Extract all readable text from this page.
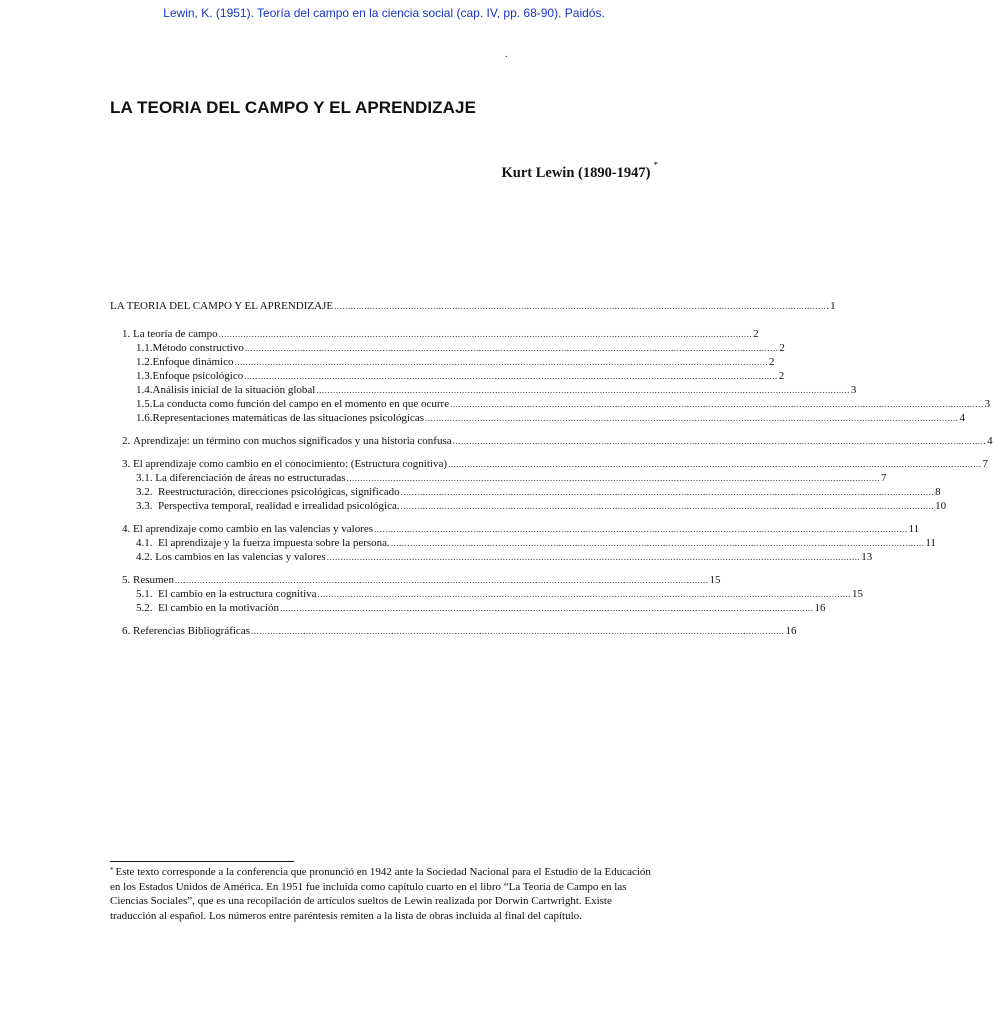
Lewin, K. (1951). Teoría del campo en la ciencia social (cap. IV, pp. 68-90). Paidós.
.
LA TEORIA DEL CAMPO Y EL APRENDIZAJE
Kurt Lewin (1890-1947) *
LA TEORIA DEL CAMPO Y EL APRENDIZAJE .................................................................................................................................................................................... 1
1.
La teoría de campo .................................................................................................................................................................................................. 2
1.1. Método constructivo .................................................................................................................................................................................................. 2
1.2. Enfoque dinámico .................................................................................................................................................................................................. 2
1.3. Enfoque psicológico .................................................................................................................................................................................................. 2
1.4. Análisis inicial de la situación global .................................................................................................................................................................................................. 3
1.5. La conducta como función del campo en el momento en que ocurre .................................................................................................................................................................................................. 3
1.6. Representaciones matemáticas de las situaciones psicológicas .................................................................................................................................................................................................. 4
2.
Aprendizaje: un término con muchos significados y una historia confusa .................................................................................................................................................................................................. 4
3.
El aprendizaje como cambio en el conocimiento: (Estructura cognitiva) .................................................................................................................................................................................................. 7
3.1.
La diferenciación de áreas no estructuradas .................................................................................................................................................................................................. 7
3.2.
Reestructuración, direcciones psicológicas, significado .................................................................................................................................................................................................. 8
3.3.
Perspectiva temporal, realidad e irrealidad psicológica. .................................................................................................................................................................................................. 10
4.
El aprendizaje como cambio en las valencias y valores .................................................................................................................................................................................................. 11
4.1.
El aprendizaje y la fuerza impuesta sobre la persona. .................................................................................................................................................................................................. 11
4.2.
Los cambios en las valencias y valores .................................................................................................................................................................................................. 13
5.
Resumen .................................................................................................................................................................................................. 15
5.1.
El cambio en la estructura cognitiva .................................................................................................................................................................................................. 15
5.2.
El cambio en la motivación .................................................................................................................................................................................................. 16
6.
Referencias Bibliográficas .................................................................................................................................................................................................. 16
* Este texto corresponde a la conferencia que pronunció en 1942 ante la Sociedad Nacional para el Estudio de la Educación en los Estados Unidos de América. En 1951 fue incluida como capítulo cuarto en el libro “La Teoría de Campo en las Ciencias Sociales”, que es una recopilación de artículos sueltos de Lewin realizada por Dorwin Cartwright. Existe traducción al español. Los números entre paréntesis remiten a la lista de obras incluida al final del capítulo.
